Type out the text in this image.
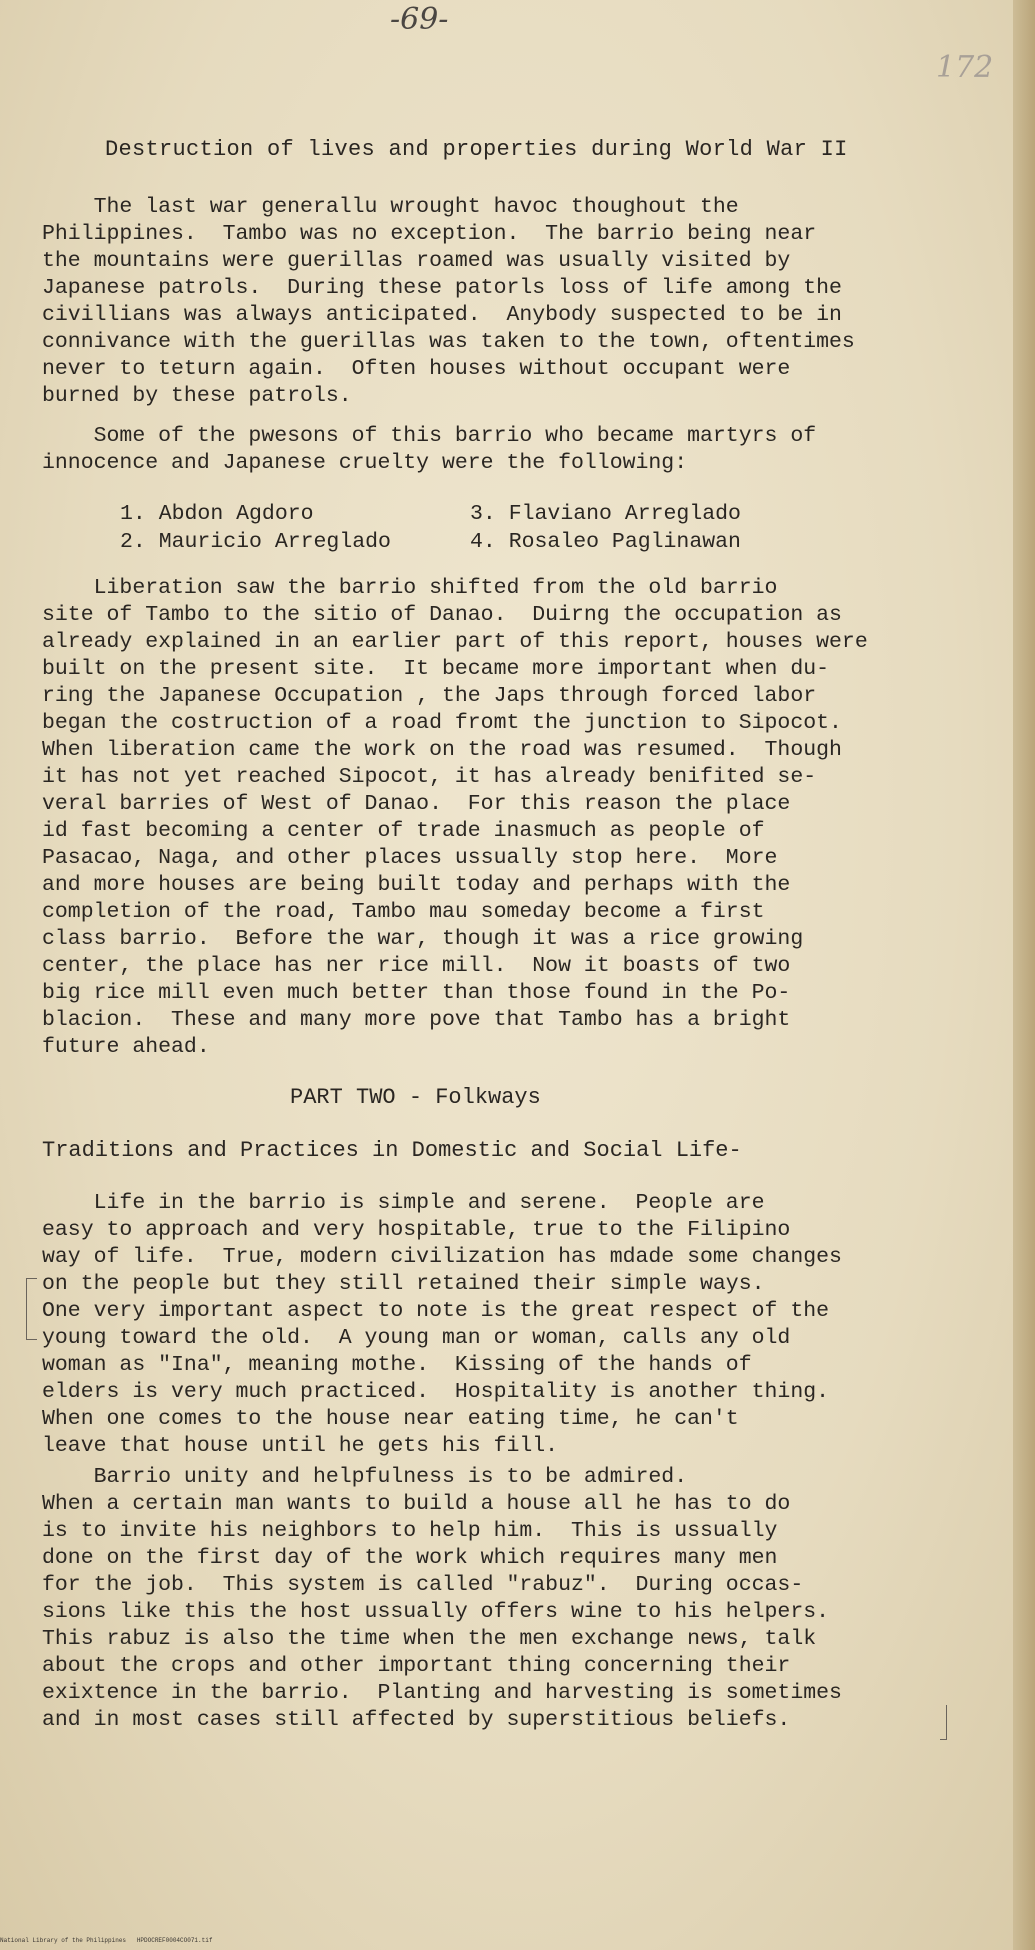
-69-
172
Destruction of lives and properties during World War II
The last war generallu wrought havoc thoughout the
Philippines.  Tambo was no exception.  The barrio being near
the mountains were guerillas roamed was usually visited by
Japanese patrols.  During these patorls loss of life among the
civillians was always anticipated.  Anybody suspected to be in
connivance with the guerillas was taken to the town, oftentimes
never to teturn again.  Often houses without occupant were
burned by these patrols.
Some of the pwesons of this barrio who became martyrs of
innocence and Japanese cruelty were the following:
1. Abdon Agdoro	3. Flaviano Arreglado
2. Mauricio Arreglado	4. Rosaleo Paglinawan
Liberation saw the barrio shifted from the old barrio
site of Tambo to the sitio of Danao.  Duirng the occupation as
already explained in an earlier part of this report, houses were
built on the present site.  It became more important when du-
ring the Japanese Occupation , the Japs through forced labor
began the costruction of a road fromt the junction to Sipocot.
When liberation came the work on the road was resumed.  Though
it has not yet reached Sipocot, it has already benifited se-
veral barries of West of Danao.  For this reason the place
id fast becoming a center of trade inasmuch as people of
Pasacao, Naga, and other places ussually stop here.  More
and more houses are being built today and perhaps with the
completion of the road, Tambo mau someday become a first
class barrio.  Before the war, though it was a rice growing
center, the place has ner rice mill.  Now it boasts of two
big rice mill even much better than those found in the Po-
blacion.  These and many more pove that Tambo has a bright
future ahead.
PART TWO - Folkways
Traditions and Practices in Domestic and Social Life-
Life in the barrio is simple and serene.  People are
easy to approach and very hospitable, true to the Filipino
way of life.  True, modern civilization has mdade some changes
on the people but they still retained their simple ways.
One very important aspect to note is the great respect of the
young toward the old.  A young man or woman, calls any old
woman as "Ina", meaning mothe.  Kissing of the hands of
elders is very much practiced.  Hospitality is another thing.
When one comes to the house near eating time, he can't
leave that house until he gets his fill.
Barrio unity and helpfulness is to be admired.
When a certain man wants to build a house all he has to do
is to invite his neighbors to help him.  This is ussually
done on the first day of the work which requires many men
for the job.  This system is called "rabuz".  During occas-
sions like this the host ussually offers wine to his helpers.
This rabuz is also the time when the men exchange news, talk
about the crops and other important thing concerning their
exixtence in the barrio.  Planting and harvesting is sometimes
and in most cases still affected by superstitious beliefs.
National Library of the Philippines   HPDOCREF0004CO071.tif
